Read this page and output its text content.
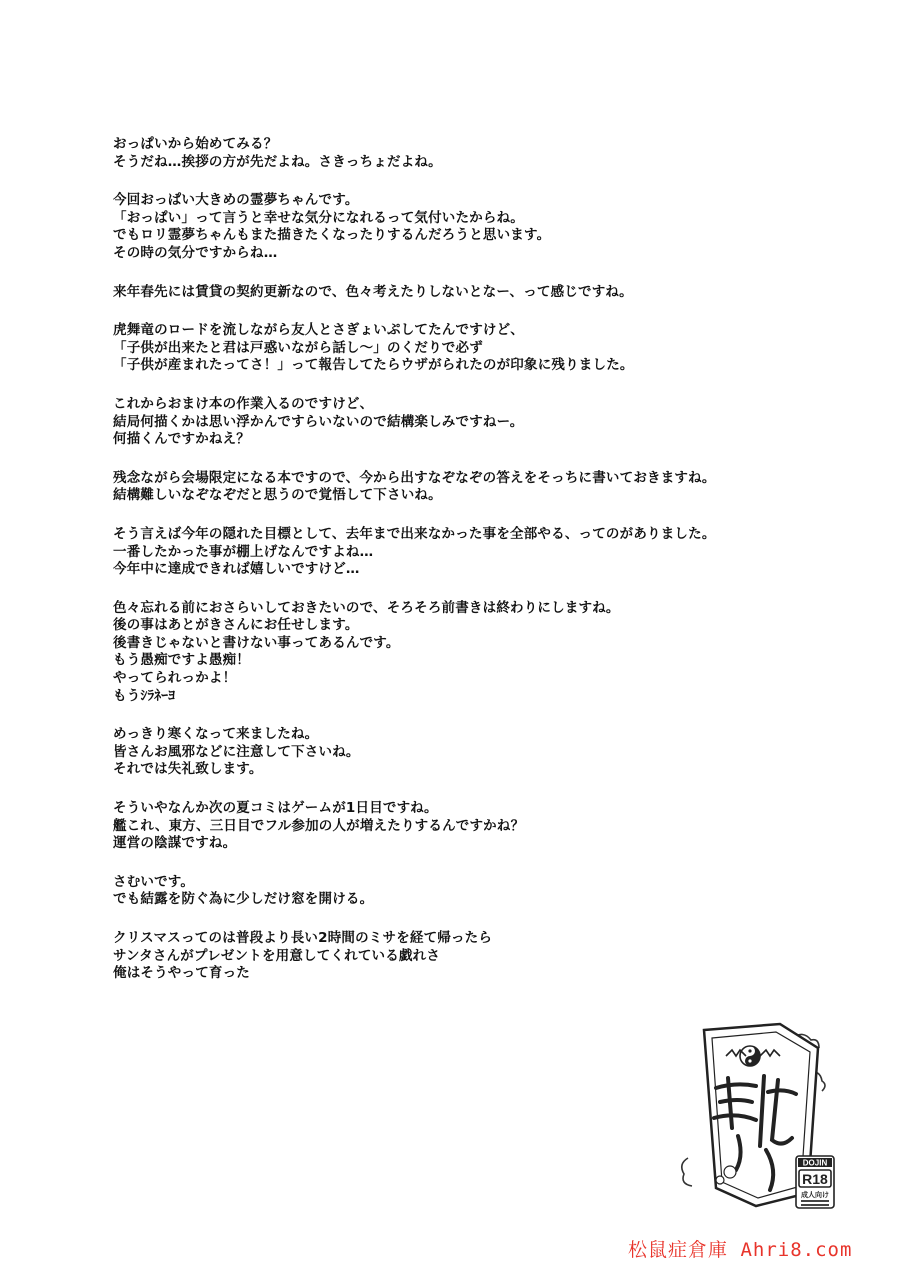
おっぱいから始めてみる？
そうだね…挨拶の方が先だよね。さきっちょだよね。
今回おっぱい大きめの霊夢ちゃんです。
「おっぱい」って言うと幸せな気分になれるって気付いたからね。
でもロリ霊夢ちゃんもまた描きたくなったりするんだろうと思います。
その時の気分ですからね…
来年春先には賃貸の契約更新なので、色々考えたりしないとなー、って感じですね。
虎舞竜のロードを流しながら友人とさぎょいぷしてたんですけど、
「子供が出来たと君は戸惑いながら話し～」のくだりで必ず
「子供が産まれたってさ！」って報告してたらウザがられたのが印象に残りました。
これからおまけ本の作業入るのですけど、
結局何描くかは思い浮かんですらいないので結構楽しみですねー。
何描くんですかねえ？
残念ながら会場限定になる本ですので、今から出すなぞなぞの答えをそっちに書いておきますね。
結構難しいなぞなぞだと思うので覚悟して下さいね。
そう言えば今年の隠れた目標として、去年まで出来なかった事を全部やる、ってのがありました。
一番したかった事が棚上げなんですよね…
今年中に達成できれば嬉しいですけど…
色々忘れる前におさらいしておきたいので、そろそろ前書きは終わりにしますね。
後の事はあとがきさんにお任せします。
後書きじゃないと書けない事ってあるんです。
もう愚痴ですよ愚痴！
やってられっかよ！
もうｼﾗﾈｰﾖ
めっきり寒くなって来ましたね。
皆さんお風邪などに注意して下さいね。
それでは失礼致します。
そういやなんか次の夏コミはゲームが1日目ですね。
艦これ、東方、三日目でフル参加の人が増えたりするんですかね？
運営の陰謀ですね。
さむいです。
でも結露を防ぐ為に少しだけ窓を開ける。
クリスマスってのは普段より長い2時間のミサを経て帰ったら
サンタさんがプレゼントを用意してくれている戯れさ
俺はそうやって育った
DOJIN
R18
成人向け
松鼠症倉庫 Ahri8.com
